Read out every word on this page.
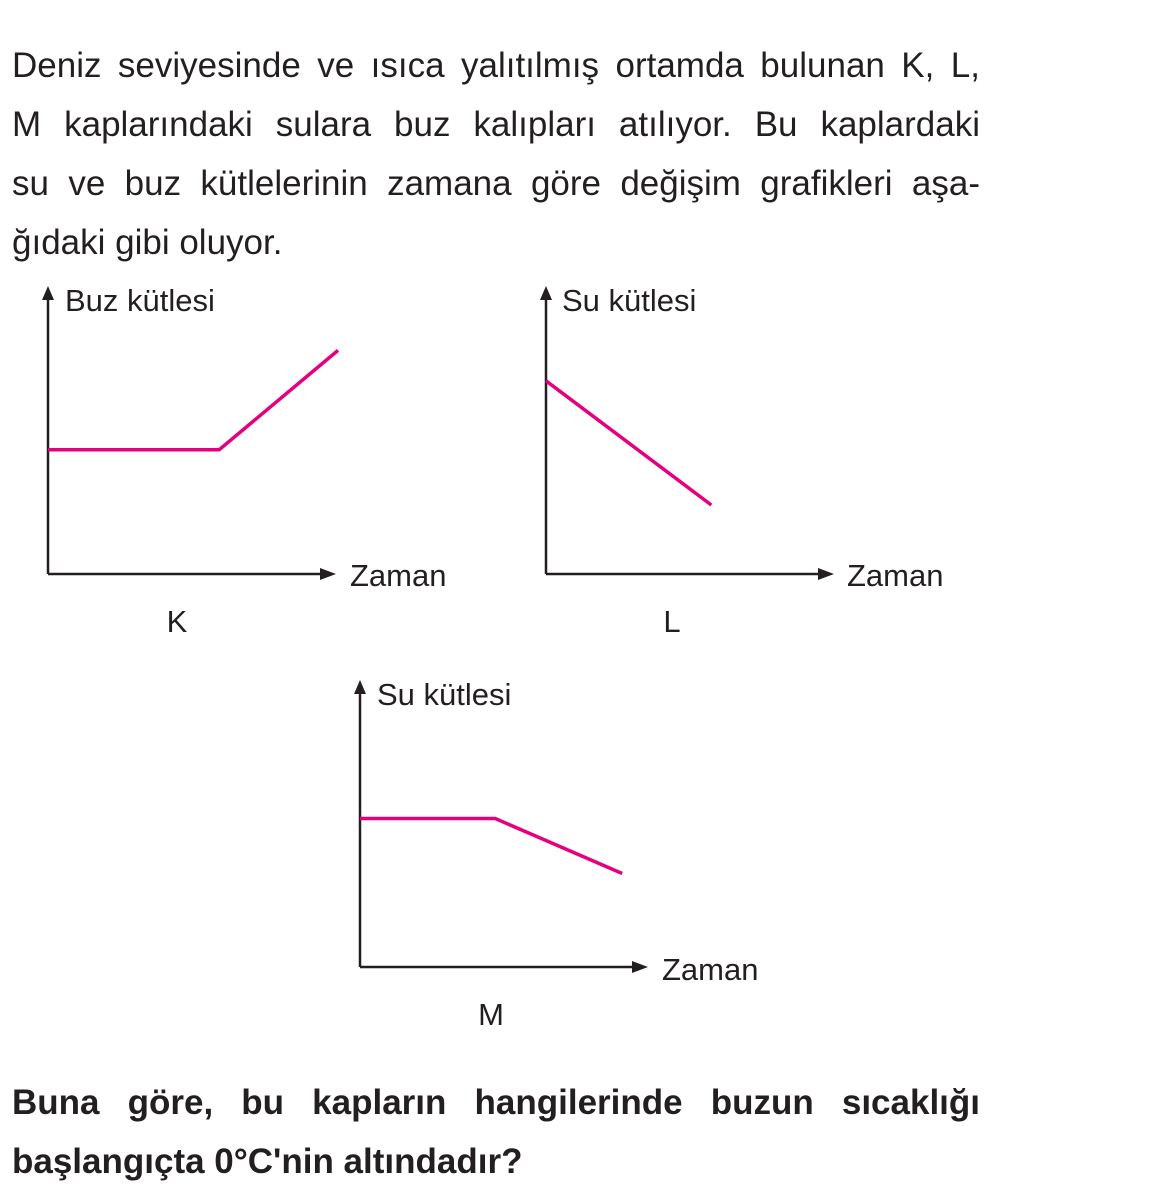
Deniz seviyesinde ve ısıca yalıtılmış ortamda bulunan K, L,
M kaplarındaki sulara buz kalıpları atılıyor. Bu kaplardaki
su ve buz kütlelerinin zamana göre değişim grafikleri aşa-
ğıdaki gibi oluyor.

Buz kütlesi
Zaman
K
Su kütlesi
Zaman
L
Su kütlesi
Zaman
M

Buna göre, bu kapların hangilerinde buzun sıcaklığı
başlangıçta 0°C'nin altındadır?
